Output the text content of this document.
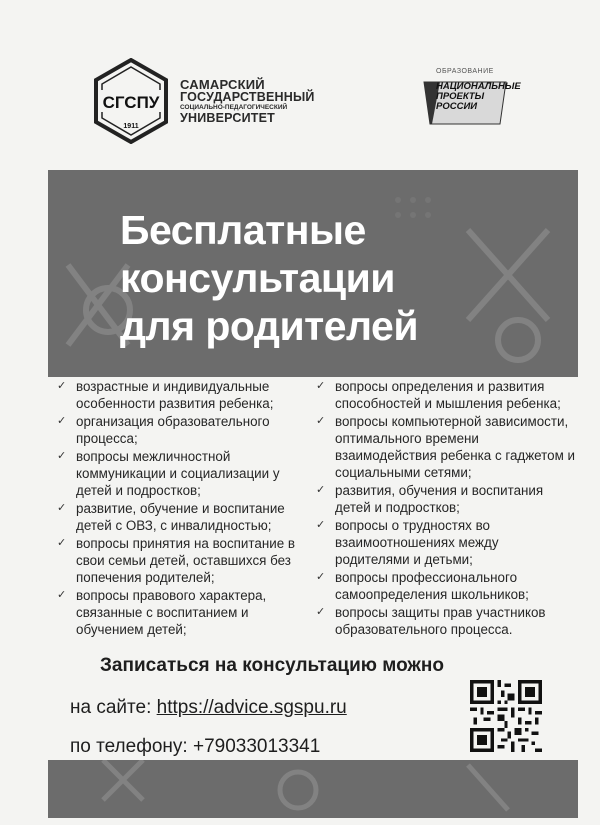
СГСПУ
1911
САМАРСКИЙ
ГОСУДАРСТВЕННЫЙ
СОЦИАЛЬНО-ПЕДАГОГИЧЕСКИЙ
УНИВЕРСИТЕТ
ОБРАЗОВАНИЕ
НАЦИОНАЛЬНЫЕ
ПРОЕКТЫ
РОССИИ
Бесплатные
консультации
для родителей
✓ возрастные и индивидуальные особенности развития ребенка;
✓ организация образовательного процесса;
✓ вопросы межличностной коммуникации и социализации у детей и подростков;
✓ развитие, обучение и воспитание детей с ОВЗ, с инвалидностью;
✓ вопросы принятия на воспитание в свои семьи детей, оставшихся без попечения родителей;
✓ вопросы правового характера, связанные с воспитанием и обучением детей;
✓ вопросы определения и развития способностей и мышления ребенка;
✓ вопросы компьютерной зависимости, оптимального времени взаимодействия ребенка с гаджетом и социальными сетями;
✓ развития, обучения и воспитания детей и подростков;
✓ вопросы о трудностях во взаимоотношениях между родителями и детьми;
✓ вопросы профессионального самоопределения школьников;
✓ вопросы защиты прав участников образовательного процесса.
Записаться на консультацию можно
на сайте: https://advice.sgspu.ru
по телефону: +79033013341
